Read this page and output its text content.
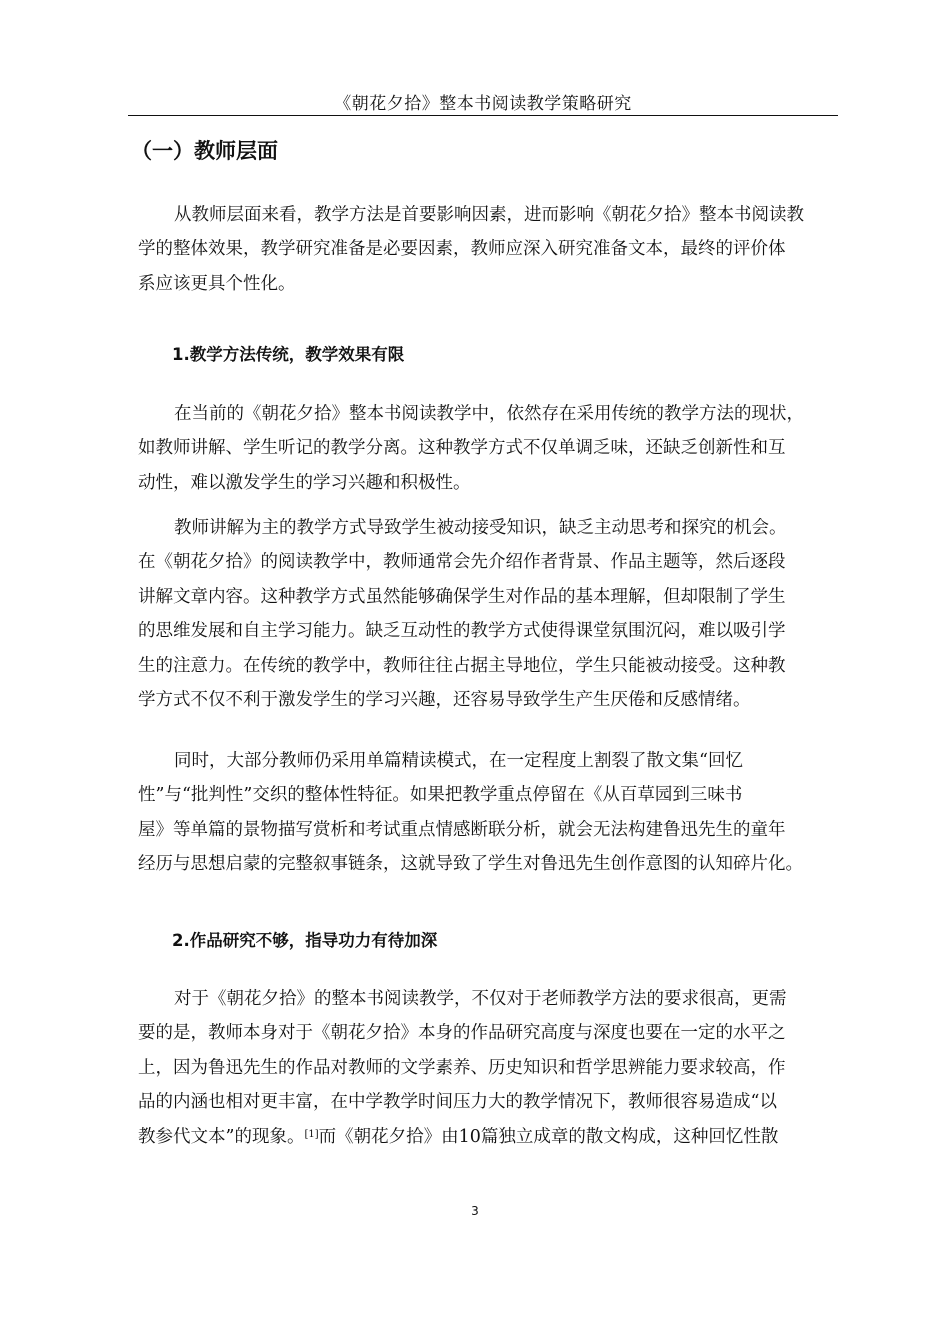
《朝花夕拾》整本书阅读教学策略研究
（一）教师层面
从教师层面来看，教学方法是首要影响因素，进而影响《朝花夕拾》整本书阅读教
学的整体效果，教学研究准备是必要因素，教师应深入研究准备文本，最终的评价体
系应该更具个性化。
1.教学方法传统，教学效果有限
在当前的《朝花夕拾》整本书阅读教学中，依然存在采用传统的教学方法的现状，
如教师讲解、学生听记的教学分离。这种教学方式不仅单调乏味，还缺乏创新性和互
动性，难以激发学生的学习兴趣和积极性。
教师讲解为主的教学方式导致学生被动接受知识，缺乏主动思考和探究的机会。
在《朝花夕拾》的阅读教学中，教师通常会先介绍作者背景、作品主题等，然后逐段
讲解文章内容。这种教学方式虽然能够确保学生对作品的基本理解，但却限制了学生
的思维发展和自主学习能力。缺乏互动性的教学方式使得课堂氛围沉闷，难以吸引学
生的注意力。在传统的教学中，教师往往占据主导地位，学生只能被动接受。这种教
学方式不仅不利于激发学生的学习兴趣，还容易导致学生产生厌倦和反感情绪。
同时，大部分教师仍采用单篇精读模式，在一定程度上割裂了散文集“回忆
性”与“批判性”交织的整体性特征。如果把教学重点停留在《从百草园到三味书
屋》等单篇的景物描写赏析和考试重点情感断联分析，就会无法构建鲁迅先生的童年
经历与思想启蒙的完整叙事链条，这就导致了学生对鲁迅先生创作意图的认知碎片化。
2.作品研究不够，指导功力有待加深
对于《朝花夕拾》的整本书阅读教学，不仅对于老师教学方法的要求很高，更需
要的是，教师本身对于《朝花夕拾》本身的作品研究高度与深度也要在一定的水平之
上，因为鲁迅先生的作品对教师的文学素养、历史知识和哲学思辨能力要求较高，作
品的内涵也相对更丰富，在中学教学时间压力大的教学情况下，教师很容易造成“以
教参代文本”的现象。[1]而《朝花夕拾》由10篇独立成章的散文构成，这种回忆性散
3
